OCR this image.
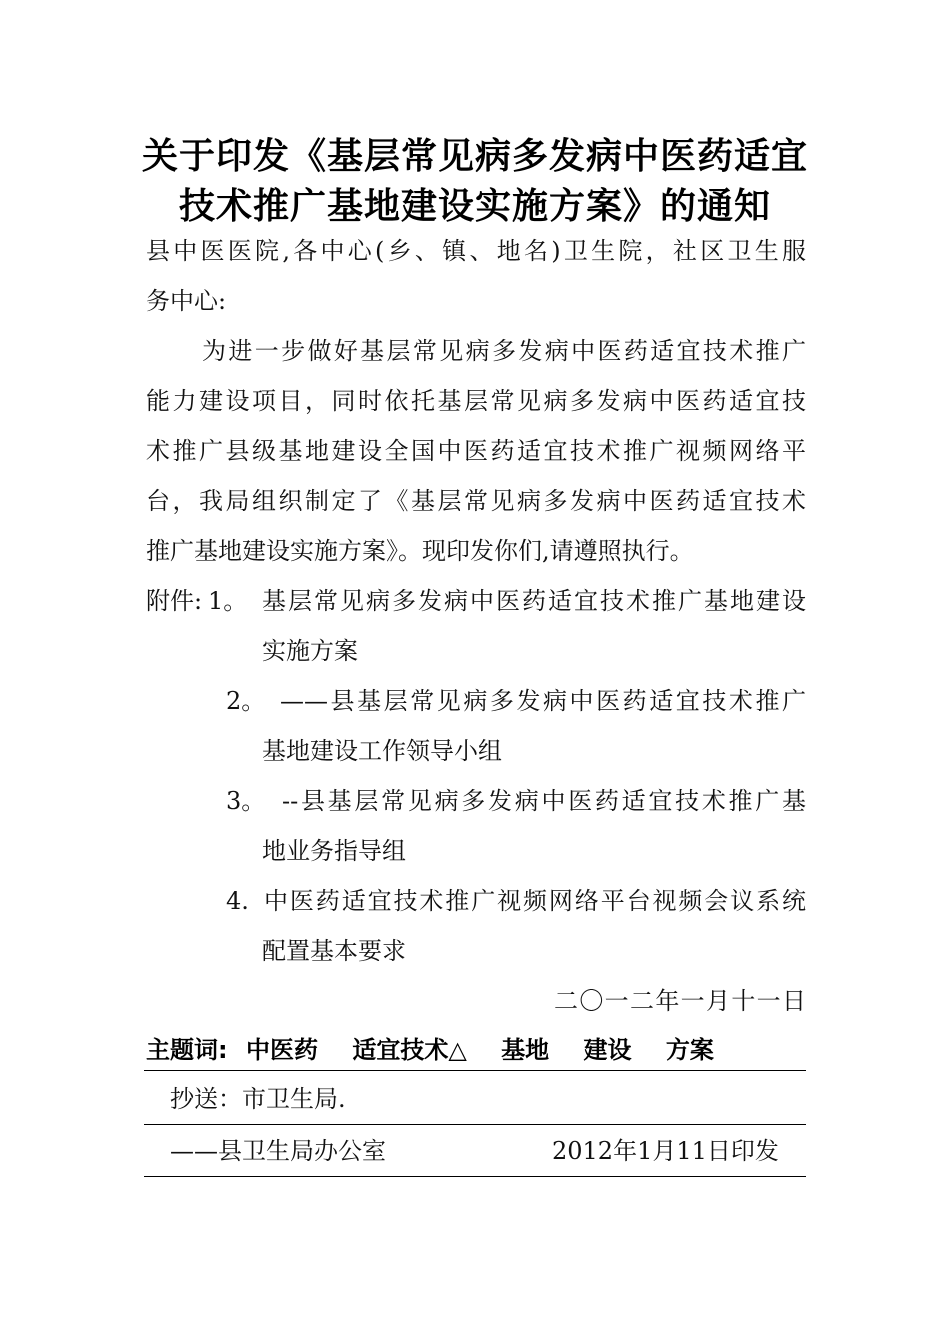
关于印发《基层常见病多发病中医药适宜
技术推广基地建设实施方案》的通知
县中医医院,各中心(乡、镇、地名)卫生院，社区卫生服
务中心:
为进一步做好基层常见病多发病中医药适宜技术推广
能力建设项目，同时依托基层常见病多发病中医药适宜技
术推广县级基地建设全国中医药适宜技术推广视频网络平
台，我局组织制定了《基层常见病多发病中医药适宜技术
推广基地建设实施方案》。现印发你们,请遵照执行。
附件: 1。 基层常见病多发病中医药适宜技术推广基地建设
实施方案
2。 ——县基层常见病多发病中医药适宜技术推广
基地建设工作领导小组
3。 --县基层常见病多发病中医药适宜技术推广基
地业务指导组
4. 中医药适宜技术推广视频网络平台视频会议系统
配置基本要求
二〇一二年一月十一日
主题词: 中医药 适宜技术△ 基地 建设 方案
抄送：市卫生局.
——县卫生局办公室	2012年1月11日印发
